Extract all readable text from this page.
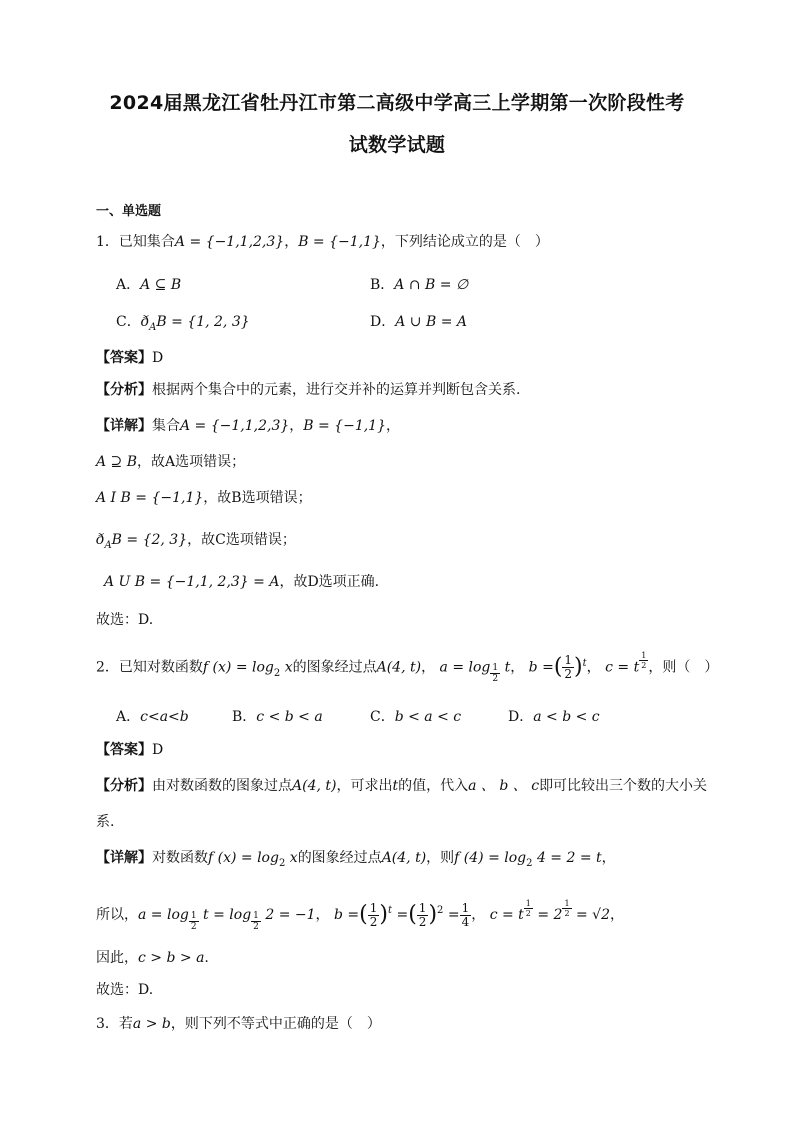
2024届黑龙江省牡丹江市第二高级中学高三上学期第一次阶段性考
试数学试题
一、单选题
1．已知集合A = {−1,1,2,3}，B = {−1,1}，下列结论成立的是（　）
A．A ⊆ B	B．A ∩ B = ∅
C．$ð_AB = \{1$, 2, 3}	D．A ∪ B = A
【答案】D
【分析】根据两个集合中的元素，进行交并补的运算并判断包含关系.
【详解】集合A = {−1,1,2,3}，B = {−1,1}，
A ⊇ B，故A选项错误；
A I B = {−1,1}，故B选项错误；
$ð_AB = \{2$, 3}，故C选项错误；
A U B = {−1,1, 2,3} = A，故D选项正确.
故选：D.
2．已知对数函数f $(x) = \log_2 x$的图象经过点A(4, t)， $a = \log \frac{1}{2}$ t， b =( $\frac{1}{2} )^t$， c = t $\frac{1}{2}$ ，则（　）
A．c<a<b	B．c < b < a	C．b < a < c	D．a < b < c
【答案】D
【分析】由对数函数的图象过点A(4, t)，可求出t的值，代入a 、 b 、 c即可比较出三个数的大小关
系.
【详解】对数函数f $(x) = \log_2 x$的图象经过点A(4, t)，则f $(4) = \log_2 4 = 2 = t$，
所以，$a = \log \frac{1}{2}$ $t = \log \frac{1}{2} 2 = -1$， b =( $\frac{1}{2} )^t$ =( $\frac{1}{2} )^2 = \frac{1}{4}$ ， c = t $\frac{1}{2} = 2 \frac{1}{2} = √2$，
因此，c > b > a.
故选：D.
3．若a > b，则下列不等式中正确的是（　）
